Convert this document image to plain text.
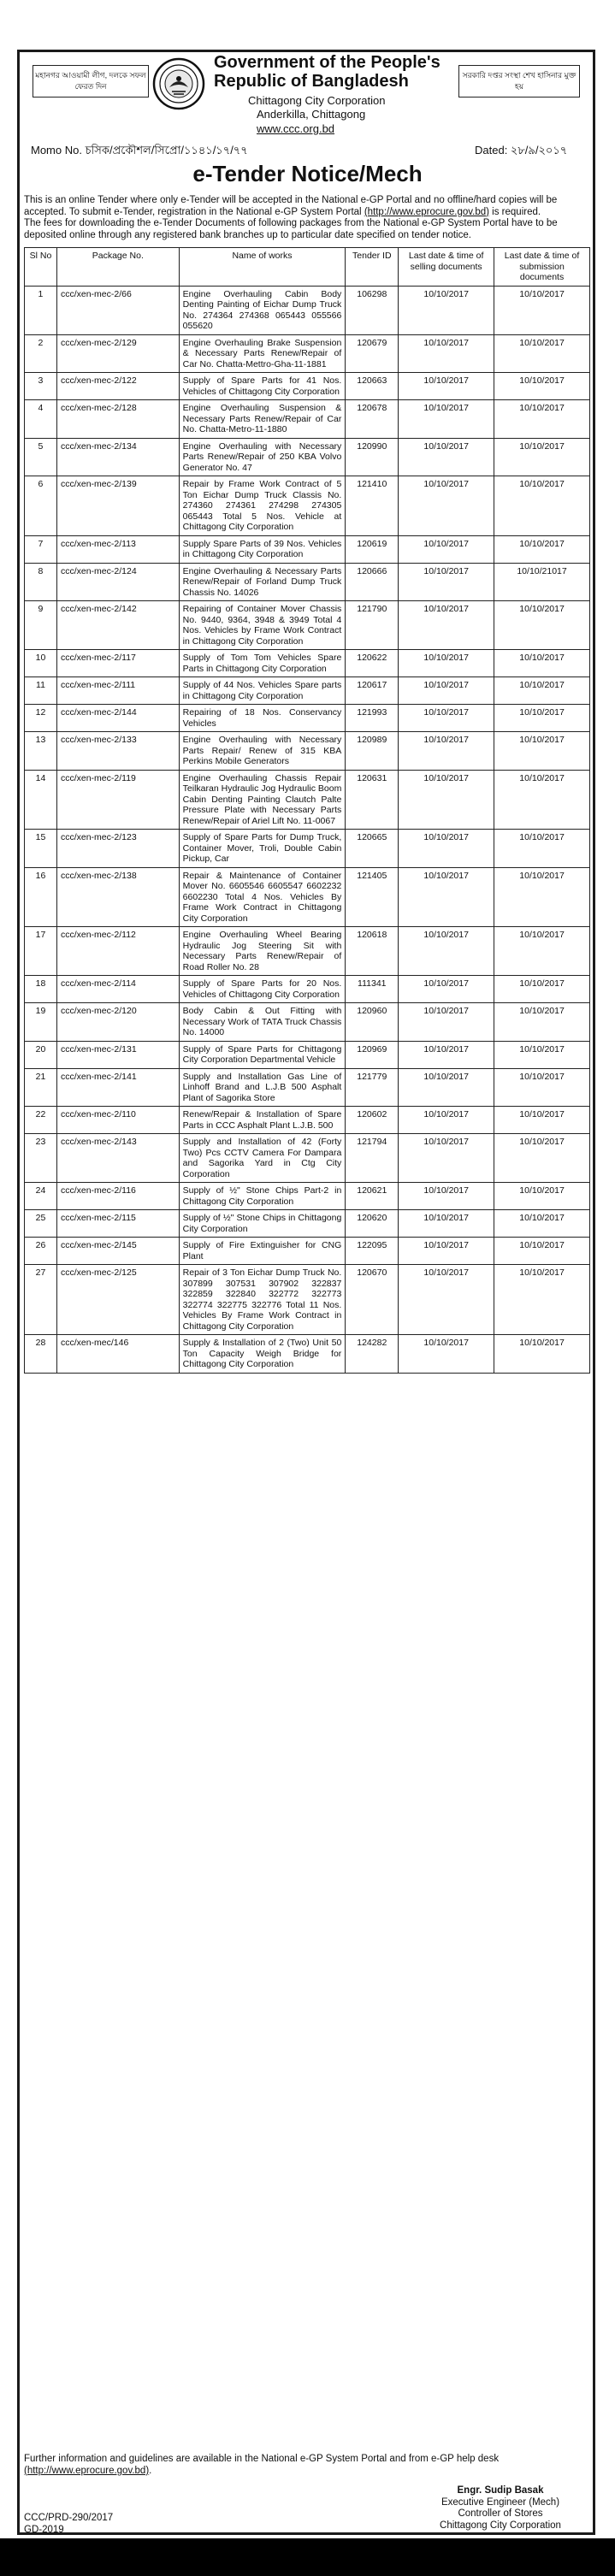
মহানগর আওয়ামী লীগ, দলকে সফল ফেরত দিন
Government of the People's
Republic of Bangladesh
Chittagong City Corporation
Anderkilla, Chittagong
www.ccc.org.bd
সরকারি দপ্তর সংস্থা শেখ হাসিনার মুক্ত হয়
Momo No. চসিক/প্রকৌশল/সিপ্রো/১১৪১/১৭/৭৭	Dated: ২৮/৯/২০১৭
e-Tender Notice/Mech

This is an online Tender where only e-Tender will be accepted in the National e-GP Portal and no offline/hard copies will be accepted. To submit e-Tender, registration in the National e-GP System Portal (http://www.eprocure.gov.bd) is required.

The fees for downloading the e-Tender Documents of following packages from the National e-GP System Portal have to be deposited online through any registered bank branches up to particular date specified on tender notice.

Sl No	Package No.	Name of works	Tender ID	Last date & time of selling documents	Last date & time of submission documents
1	ccc/xen-mec-2/66	Engine Overhauling Cabin Body Denting Painting of Eichar Dump Truck No. 274364 274368 065443 055566 055620	106298	10/10/2017	10/10/2017
2	ccc/xen-mec-2/129	Engine Overhauling Brake Suspension & Necessary Parts Renew/Repair of Car No. Chatta-Mettro-Gha-11-1881	120679	10/10/2017	10/10/2017
3	ccc/xen-mec-2/122	Supply of Spare Parts for 41 Nos. Vehicles of Chittagong City Corporation	120663	10/10/2017	10/10/2017
4	ccc/xen-mec-2/128	Engine Overhauling Suspension & Necessary Parts Renew/Repair of Car No. Chatta-Metro-11-1880	120678	10/10/2017	10/10/2017
5	ccc/xen-mec-2/134	Engine Overhauling with Necessary Parts Renew/Repair of 250 KBA Volvo Generator No. 47	120990	10/10/2017	10/10/2017
6	ccc/xen-mec-2/139	Repair by Frame Work Contract of 5 Ton Eichar Dump Truck Classis No. 274360 274361 274298 274305 065443 Total 5 Nos. Vehicle at Chittagong City Corporation	121410	10/10/2017	10/10/2017
7	ccc/xen-mec-2/113	Supply Spare Parts of 39 Nos. Vehicles in Chittagong City Corporation	120619	10/10/2017	10/10/2017
8	ccc/xen-mec-2/124	Engine Overhauling & Necessary Parts Renew/Repair of Forland Dump Truck Chassis No. 14026	120666	10/10/2017	10/10/21017
9	ccc/xen-mec-2/142	Repairing of Container Mover Chassis No. 9440, 9364, 3948 & 3949 Total 4 Nos. Vehicles by Frame Work Contract in Chittagong City Corporation	121790	10/10/2017	10/10/2017
10	ccc/xen-mec-2/117	Supply of Tom Tom Vehicles Spare Parts in Chittagong City Corporation	120622	10/10/2017	10/10/2017
11	ccc/xen-mec-2/111	Supply of 44 Nos. Vehicles Spare parts in Chittagong City Corporation	120617	10/10/2017	10/10/2017
12	ccc/xen-mec-2/144	Repairing of 18 Nos. Conservancy Vehicles	121993	10/10/2017	10/10/2017
13	ccc/xen-mec-2/133	Engine Overhauling with Necessary Parts Repair/ Renew of 315 KBA Perkins Mobile Generators	120989	10/10/2017	10/10/2017
14	ccc/xen-mec-2/119	Engine Overhauling Chassis Repair Teilkaran Hydraulic Jog Hydraulic Boom Cabin Denting Painting Clautch Palte Pressure Plate with Necessary Parts Renew/Repair of Ariel Lift No. 11-0067	120631	10/10/2017	10/10/2017
15	ccc/xen-mec-2/123	Supply of Spare Parts for Dump Truck, Container Mover, Troli, Double Cabin Pickup, Car	120665	10/10/2017	10/10/2017
16	ccc/xen-mec-2/138	Repair & Maintenance of Container Mover No. 6605546 6605547 6602232 6602230 Total 4 Nos. Vehicles By Frame Work Contract in Chittagong City Corporation	121405	10/10/2017	10/10/2017
17	ccc/xen-mec-2/112	Engine Overhauling Wheel Bearing Hydraulic Jog Steering Sit with Necessary Parts Renew/Repair of Road Roller No. 28	120618	10/10/2017	10/10/2017
18	ccc/xen-mec-2/114	Supply of Spare Parts for 20 Nos. Vehicles of Chittagong City Corporation	111341	10/10/2017	10/10/2017
19	ccc/xen-mec-2/120	Body Cabin & Out Fitting with Necessary Work of TATA Truck Chassis No. 14000	120960	10/10/2017	10/10/2017
20	ccc/xen-mec-2/131	Supply of Spare Parts for Chittagong City Corporation Departmental Vehicle	120969	10/10/2017	10/10/2017
21	ccc/xen-mec-2/141	Supply and Installation Gas Line of Linhoff Brand and L.J.B 500 Asphalt Plant of Sagorika Store	121779	10/10/2017	10/10/2017
22	ccc/xen-mec-2/110	Renew/Repair & Installation of Spare Parts in CCC Asphalt Plant L.J.B. 500	120602	10/10/2017	10/10/2017
23	ccc/xen-mec-2/143	Supply and Installation of 42 (Forty Two) Pcs CCTV Camera For Dampara and Sagorika Yard in Ctg City Corporation	121794	10/10/2017	10/10/2017
24	ccc/xen-mec-2/116	Supply of ½" Stone Chips Part-2 in Chittagong City Corporation	120621	10/10/2017	10/10/2017
25	ccc/xen-mec-2/115	Supply of ½" Stone Chips in Chittagong City Corporation	120620	10/10/2017	10/10/2017
26	ccc/xen-mec-2/145	Supply of Fire Extinguisher for CNG Plant	122095	10/10/2017	10/10/2017
27	ccc/xen-mec-2/125	Repair of 3 Ton Eichar Dump Truck No. 307899 307531 307902 322837 322859 322840 322772 322773 322774 322775 322776 Total 11 Nos. Vehicles By Frame Work Contract in Chittagong City Corporation	120670	10/10/2017	10/10/2017
28	ccc/xen-mec/146	Supply & Installation of 2 (Two) Unit 50 Ton Capacity Weigh Bridge for Chittagong City Corporation	124282	10/10/2017	10/10/2017
Further information and guidelines are available in the National e-GP System Portal and from e-GP help desk (http://www.eprocure.gov.bd).
Engr. Sudip Basak
Executive Engineer (Mech)
Controller of Stores
Chittagong City Corporation
CCC/PRD-290/2017
GD-2019
